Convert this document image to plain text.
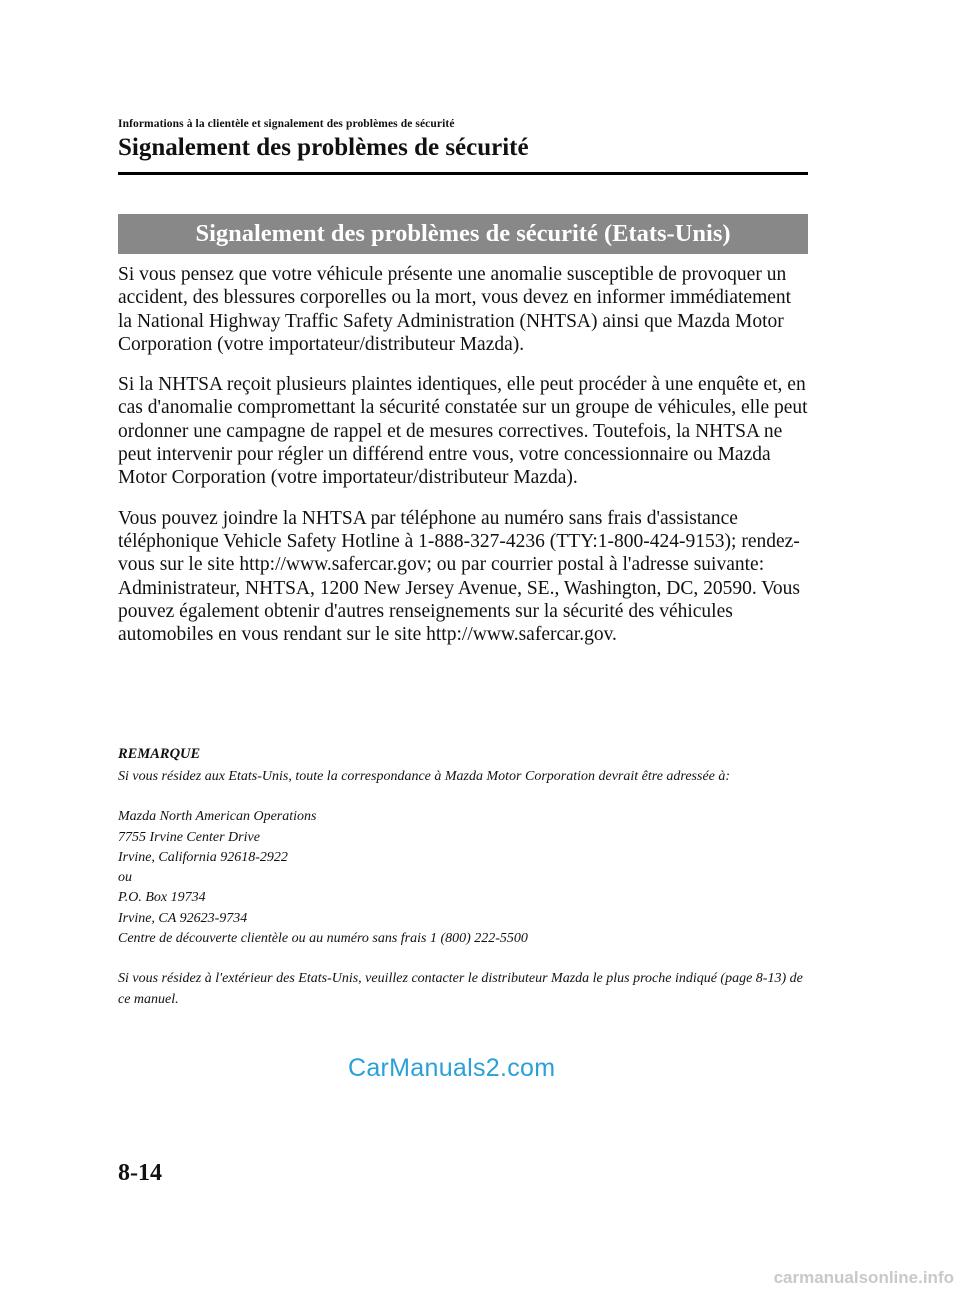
Informations à la clientèle et signalement des problèmes de sécurité
Signalement des problèmes de sécurité
Signalement des problèmes de sécurité (Etats-Unis)

Si vous pensez que votre véhicule présente une anomalie susceptible de provoquer un accident, des blessures corporelles ou la mort, vous devez en informer immédiatement la National Highway Traffic Safety Administration (NHTSA) ainsi que Mazda Motor Corporation (votre importateur/distributeur Mazda).

Si la NHTSA reçoit plusieurs plaintes identiques, elle peut procéder à une enquête et, en cas d'anomalie compromettant la sécurité constatée sur un groupe de véhicules, elle peut ordonner une campagne de rappel et de mesures correctives. Toutefois, la NHTSA ne peut intervenir pour régler un différend entre vous, votre concessionnaire ou Mazda Motor Corporation (votre importateur/distributeur Mazda).

Vous pouvez joindre la NHTSA par téléphone au numéro sans frais d'assistance téléphonique Vehicle Safety Hotline à 1-888-327-4236 (TTY:1-800-424-9153); rendez-vous sur le site http://www.safercar.gov; ou par courrier postal à l'adresse suivante: Administrateur, NHTSA, 1200 New Jersey Avenue, SE., Washington, DC, 20590. Vous pouvez également obtenir d'autres renseignements sur la sécurité des véhicules automobiles en vous rendant sur le site http://www.safercar.gov.

REMARQUE

Si vous résidez aux Etats-Unis, toute la correspondance à Mazda Motor Corporation devrait être adressée à:

Mazda North American Operations
7755 Irvine Center Drive
Irvine, California 92618-2922
ou
P.O. Box 19734
Irvine, CA 92623-9734
Centre de découverte clientèle ou au numéro sans frais 1 (800) 222-5500

Si vous résidez à l'extérieur des Etats-Unis, veuillez contacter le distributeur Mazda le plus proche indiqué (page 8-13) de ce manuel.

CarManuals2.com
8-14
carmanualsonline.info
